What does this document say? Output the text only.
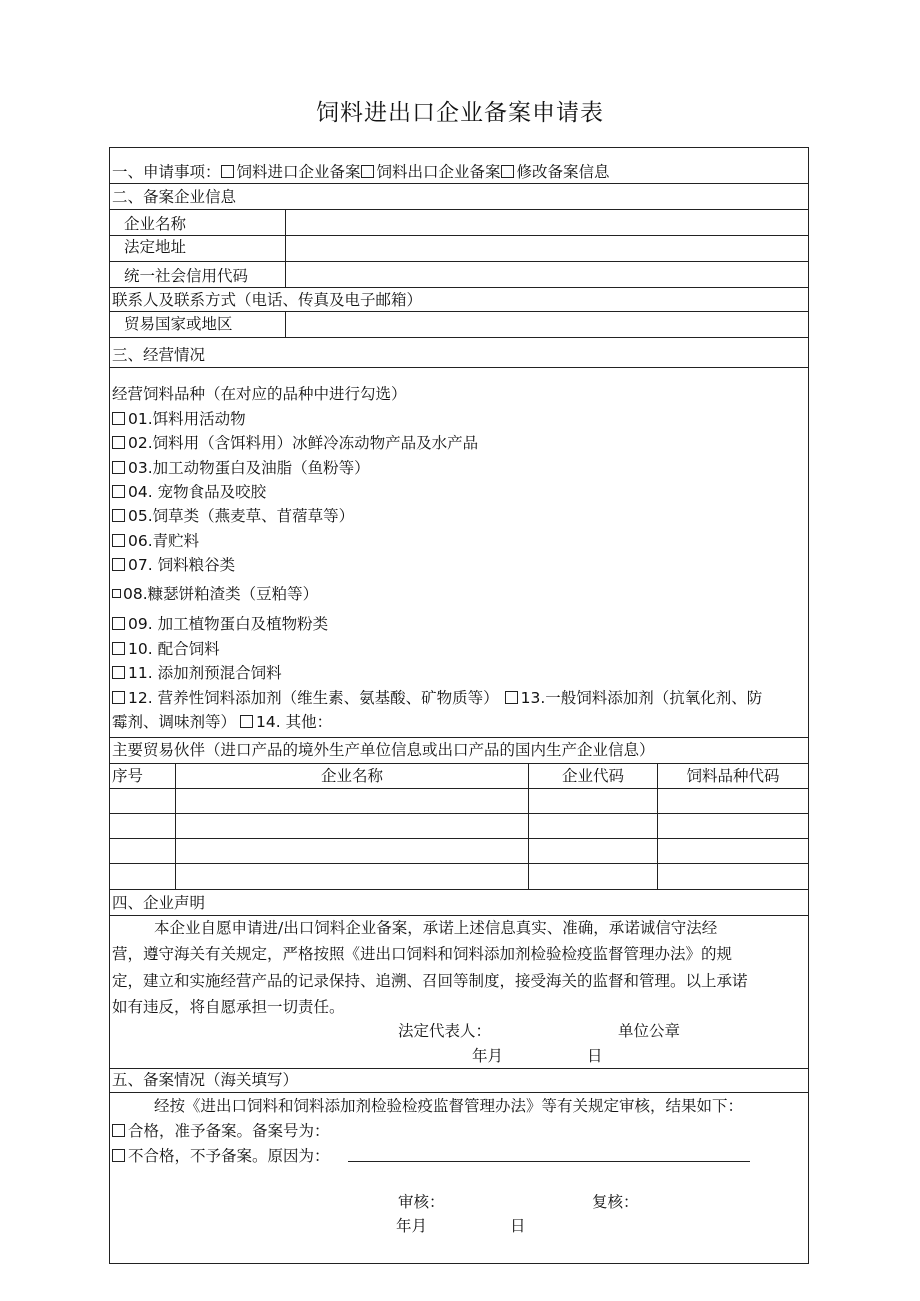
饲料进出口企业备案申请表
一、申请事项： 饲料进口企业备案 饲料出口企业备案 修改备案信息
二、备案企业信息
企业名称
法定地址
统一社会信用代码
联系人及联系方式（电话、传真及电子邮箱）
贸易国家或地区
三、经营情况
经营饲料品种（在对应的品种中进行勾选）
01.饵料用活动物
02.饲料用（含饵料用）冰鲜冷冻动物产品及水产品
03.加工动物蛋白及油脂（鱼粉等）
04. 宠物食品及咬胶
05.饲草类（燕麦草、苜蓿草等）
06.青贮料
07. 饲料粮谷类
08.糠瑟饼粕渣类（豆粕等）
09. 加工植物蛋白及植物粉类
10. 配合饲料
11. 添加剂预混合饲料
12. 营养性饲料添加剂（维生素、氨基酸、矿物质等） 13.一般饲料添加剂（抗氧化剂、防
霉剂、调味剂等） 14. 其他：
主要贸易伙伴（进口产品的境外生产单位信息或出口产品的国内生产企业信息）
序号	企业名称	企业代码	饲料品种代码
四、企业声明
本企业自愿申请进/出口饲料企业备案，承诺上述信息真实、准确，承诺诚信守法经
营，遵守海关有关规定，严格按照《进出口饲料和饲料添加剂检验检疫监督管理办法》的规
定，建立和实施经营产品的记录保持、追溯、召回等制度，接受海关的监督和管理。以上承诺
如有违反，将自愿承担一切责任。
法定代表人：	单位公章
年月	日
五、备案情况（海关填写）
经按《进出口饲料和饲料添加剂检验检疫监督管理办法》等有关规定审核，结果如下：
合格，准予备案。备案号为：
不合格，不予备案。原因为：
审核：	复核：
年月	日
